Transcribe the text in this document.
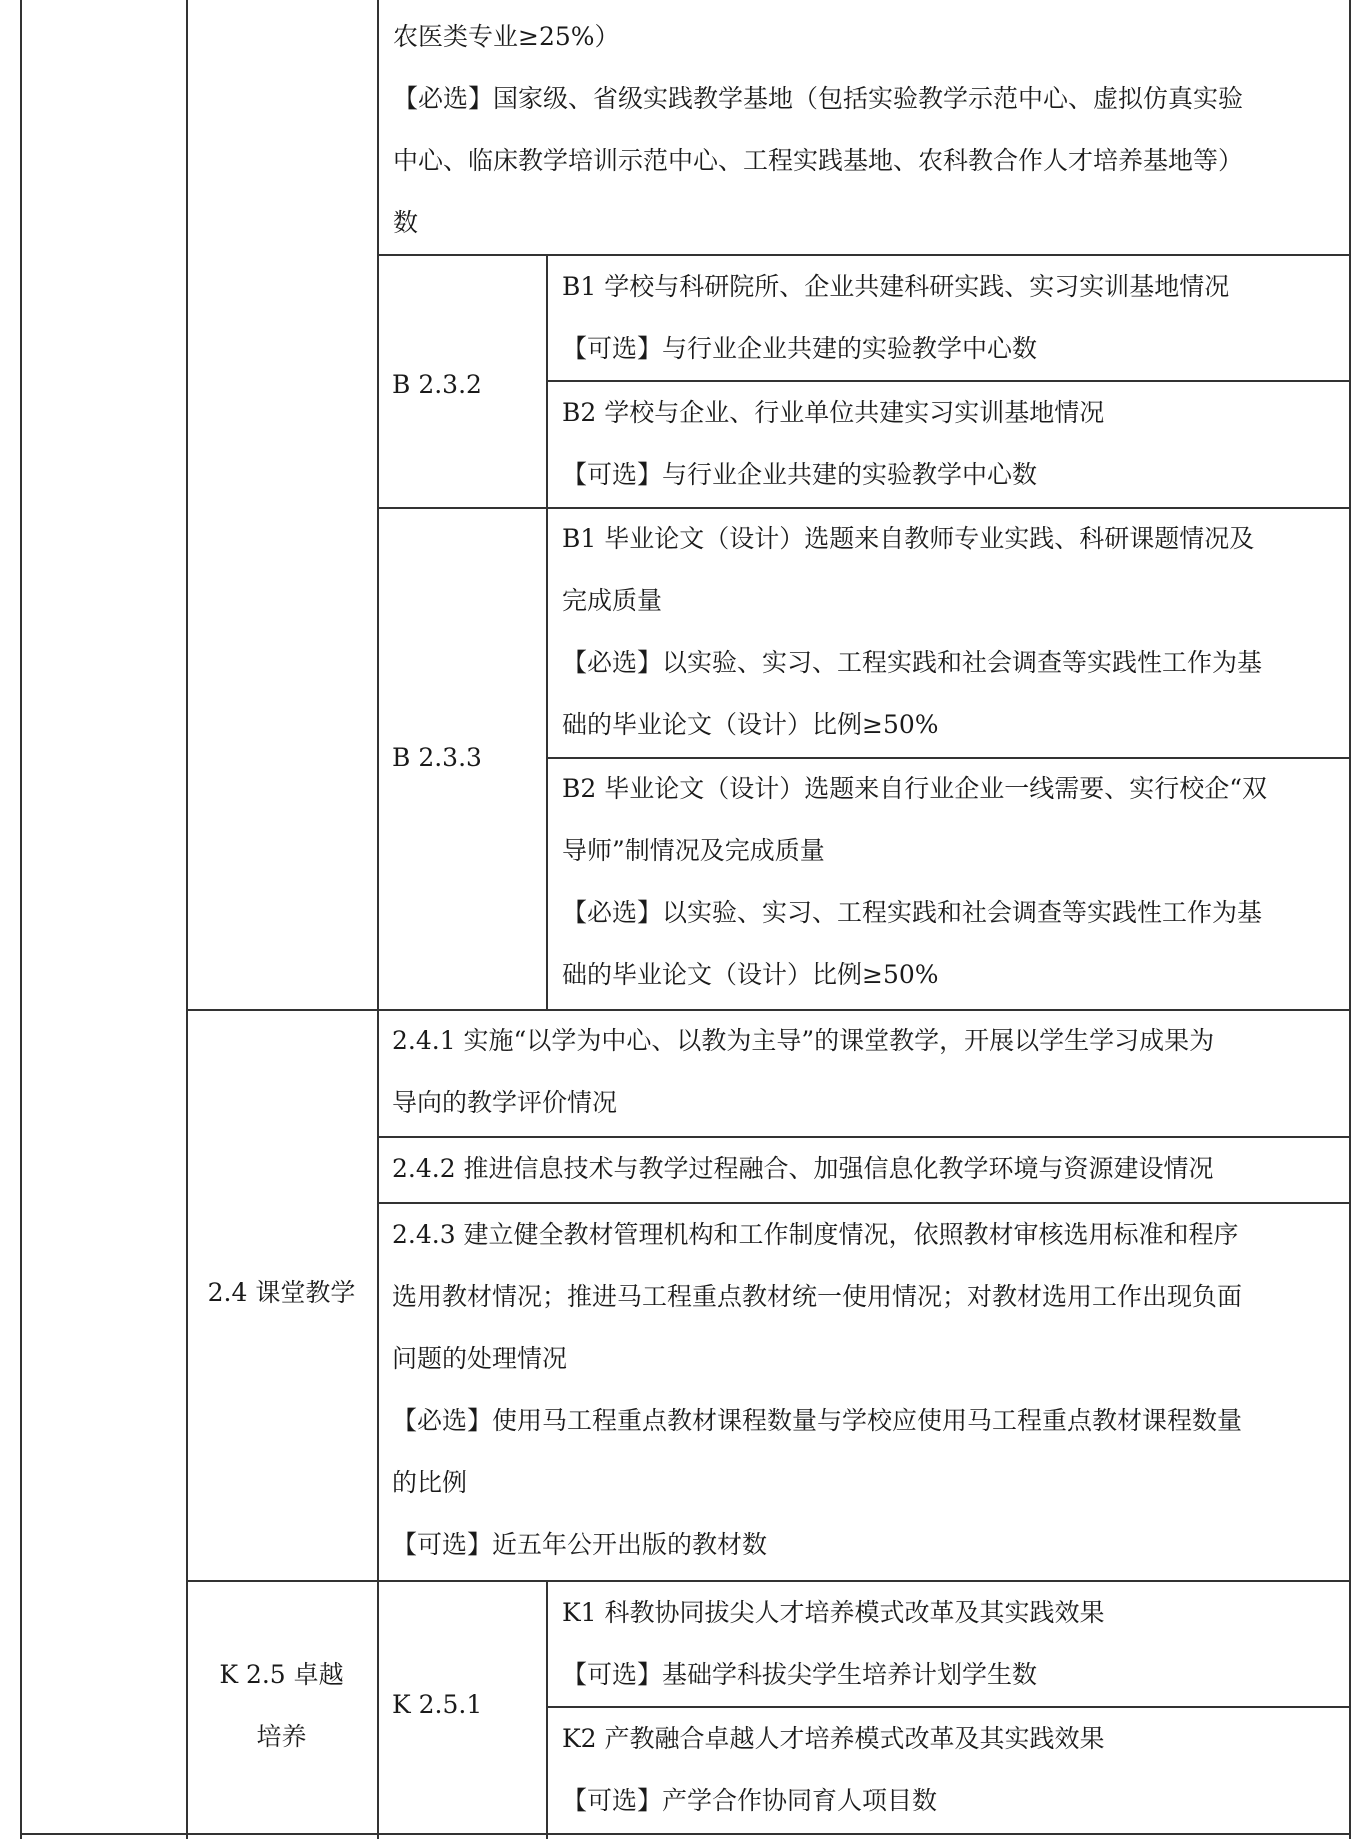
农医类专业≥25%）
【必选】国家级、省级实践教学基地（包括实验教学示范中心、虚拟仿真实验
中心、临床教学培训示范中心、工程实践基地、农科教合作人才培养基地等）
数
B 2.3.2
B1 学校与科研院所、企业共建科研实践、实习实训基地情况
【可选】与行业企业共建的实验教学中心数
B2 学校与企业、行业单位共建实习实训基地情况
【可选】与行业企业共建的实验教学中心数
B 2.3.3
B1 毕业论文（设计）选题来自教师专业实践、科研课题情况及
完成质量
【必选】以实验、实习、工程实践和社会调查等实践性工作为基
础的毕业论文（设计）比例≥50%
B2 毕业论文（设计）选题来自行业企业一线需要、实行校企“双
导师”制情况及完成质量
【必选】以实验、实习、工程实践和社会调查等实践性工作为基
础的毕业论文（设计）比例≥50%
2.4 课堂教学
2.4.1 实施“以学为中心、以教为主导”的课堂教学，开展以学生学习成果为
导向的教学评价情况
2.4.2 推进信息技术与教学过程融合、加强信息化教学环境与资源建设情况
2.4.3 建立健全教材管理机构和工作制度情况，依照教材审核选用标准和程序
选用教材情况；推进马工程重点教材统一使用情况；对教材选用工作出现负面
问题的处理情况
【必选】使用马工程重点教材课程数量与学校应使用马工程重点教材课程数量
的比例
【可选】近五年公开出版的教材数
K 2.5 卓越
培养
K 2.5.1
K1 科教协同拔尖人才培养模式改革及其实践效果
【可选】基础学科拔尖学生培养计划学生数
K2 产教融合卓越人才培养模式改革及其实践效果
【可选】产学合作协同育人项目数
